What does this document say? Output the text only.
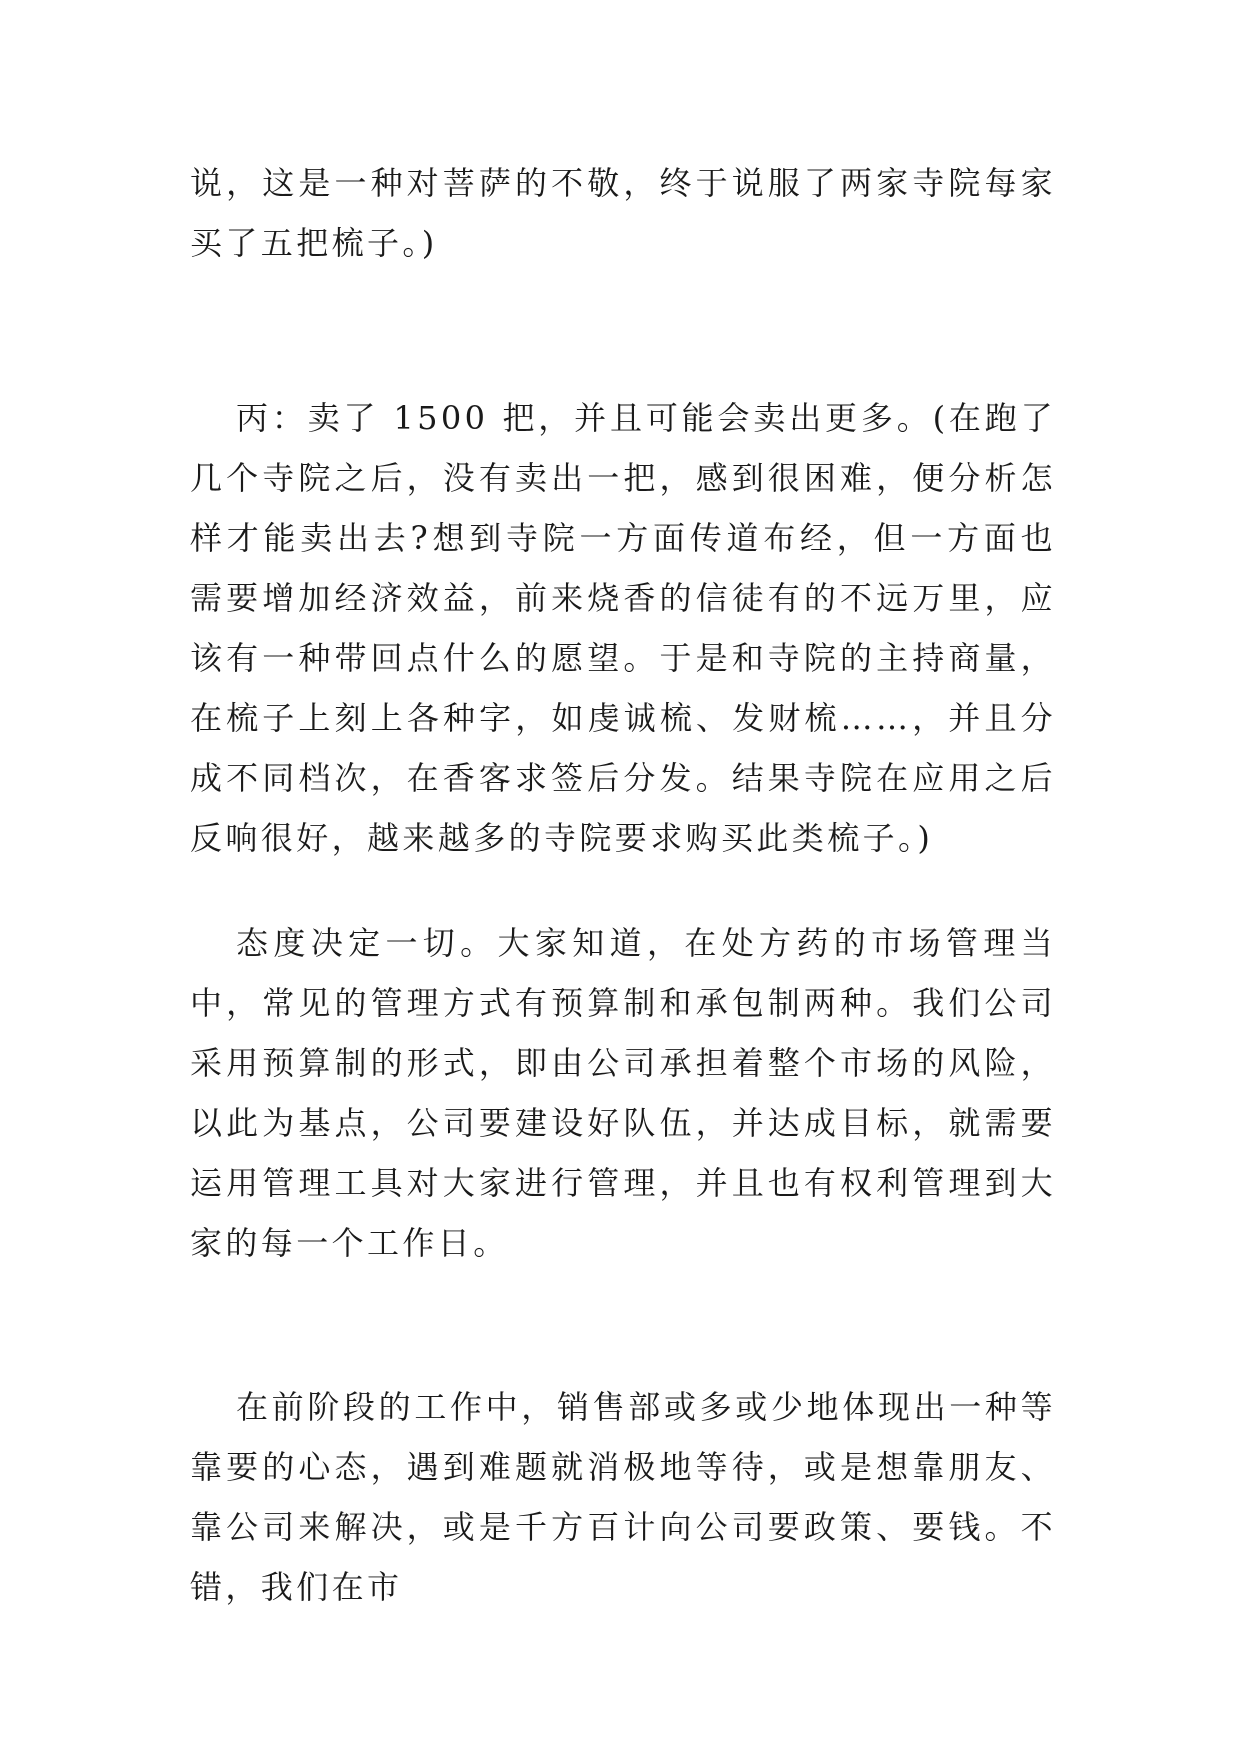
说，这是一种对菩萨的不敬，终于说服了两家寺院每家买了五把梳子。)

丙：卖了 1500 把，并且可能会卖出更多。(在跑了几个寺院之后，没有卖出一把，感到很困难，便分析怎样才能卖出去?想到寺院一方面传道布经，但一方面也需要增加经济效益，前来烧香的信徒有的不远万里，应该有一种带回点什么的愿望。于是和寺院的主持商量，在梳子上刻上各种字，如虔诚梳、发财梳……，并且分成不同档次，在香客求签后分发。结果寺院在应用之后反响很好，越来越多的寺院要求购买此类梳子。)

态度决定一切。大家知道，在处方药的市场管理当中，常见的管理方式有预算制和承包制两种。我们公司采用预算制的形式，即由公司承担着整个市场的风险，以此为基点，公司要建设好队伍，并达成目标，就需要运用管理工具对大家进行管理，并且也有权利管理到大家的每一个工作日。

在前阶段的工作中，销售部或多或少地体现出一种等靠要的心态，遇到难题就消极地等待，或是想靠朋友、靠公司来解决，或是千方百计向公司要政策、要钱。不错，我们在市
